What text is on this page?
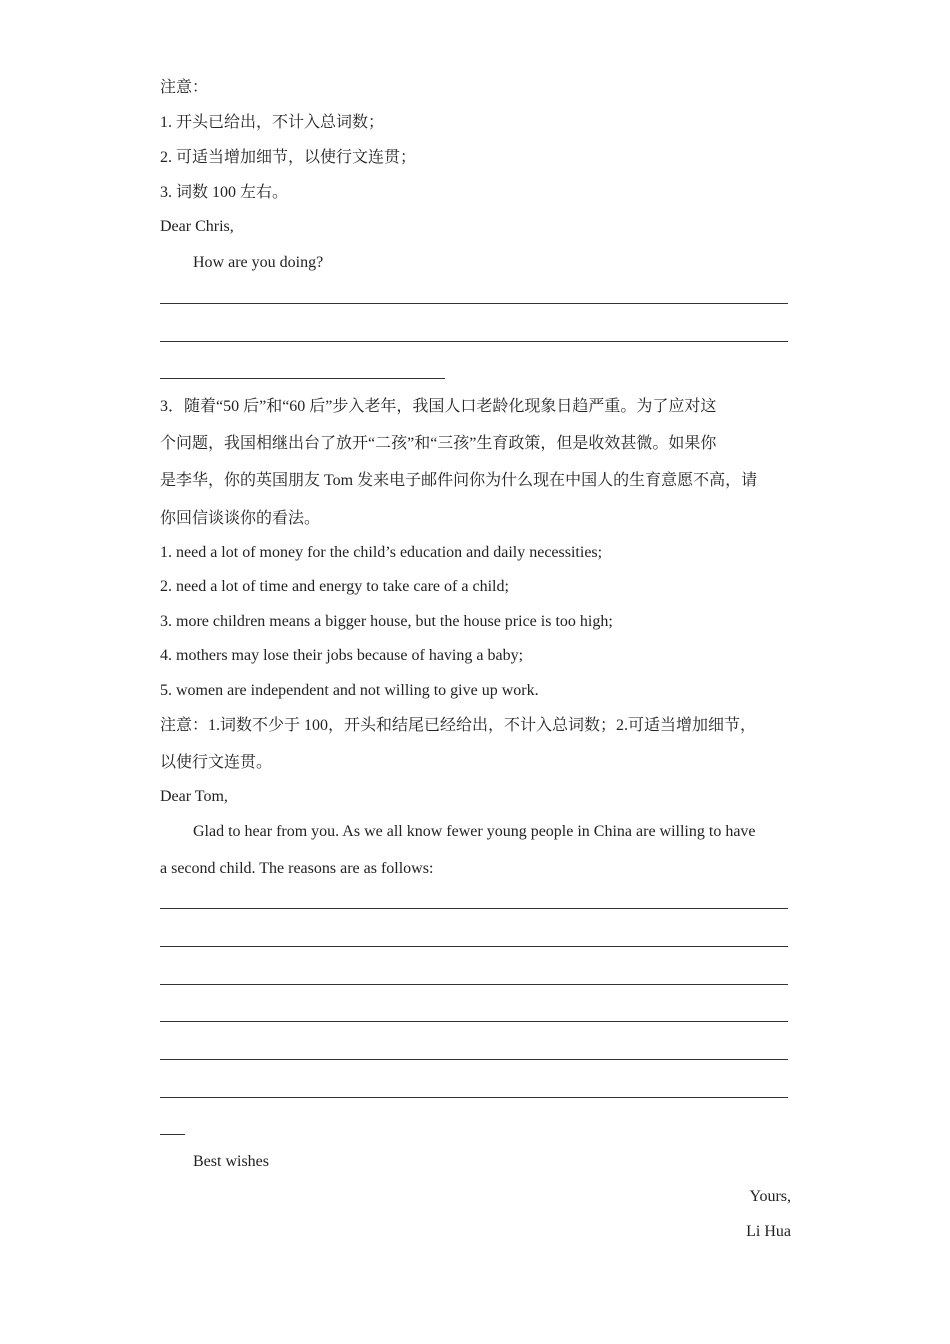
注意：
1. 开头已给出，不计入总词数；
2. 可适当增加细节，以使行文连贯；
3. 词数 100 左右。
Dear Chris,
How are you doing?
3．随着“50 后”和“60 后”步入老年，我国人口老龄化现象日趋严重。为了应对这
个问题，我国相继出台了放开“二孩”和“三孩”生育政策，但是收效甚微。如果你
是李华，你的英国朋友 Tom 发来电子邮件问你为什么现在中国人的生育意愿不高，请
你回信谈谈你的看法。
1. need a lot of money for the child’s education and daily necessities;
2. need a lot of time and energy to take care of a child;
3. more children means a bigger house, but the house price is too high;
4. mothers may lose their jobs because of having a baby;
5. women are independent and not willing to give up work.
注意：1.词数不少于 100，开头和结尾已经给出，不计入总词数；2.可适当增加细节，
以使行文连贯。
Dear Tom,
Glad to hear from you. As we all know fewer young people in China are willing to have
a second child. The reasons are as follows:
Best wishes
Yours,
Li Hua
